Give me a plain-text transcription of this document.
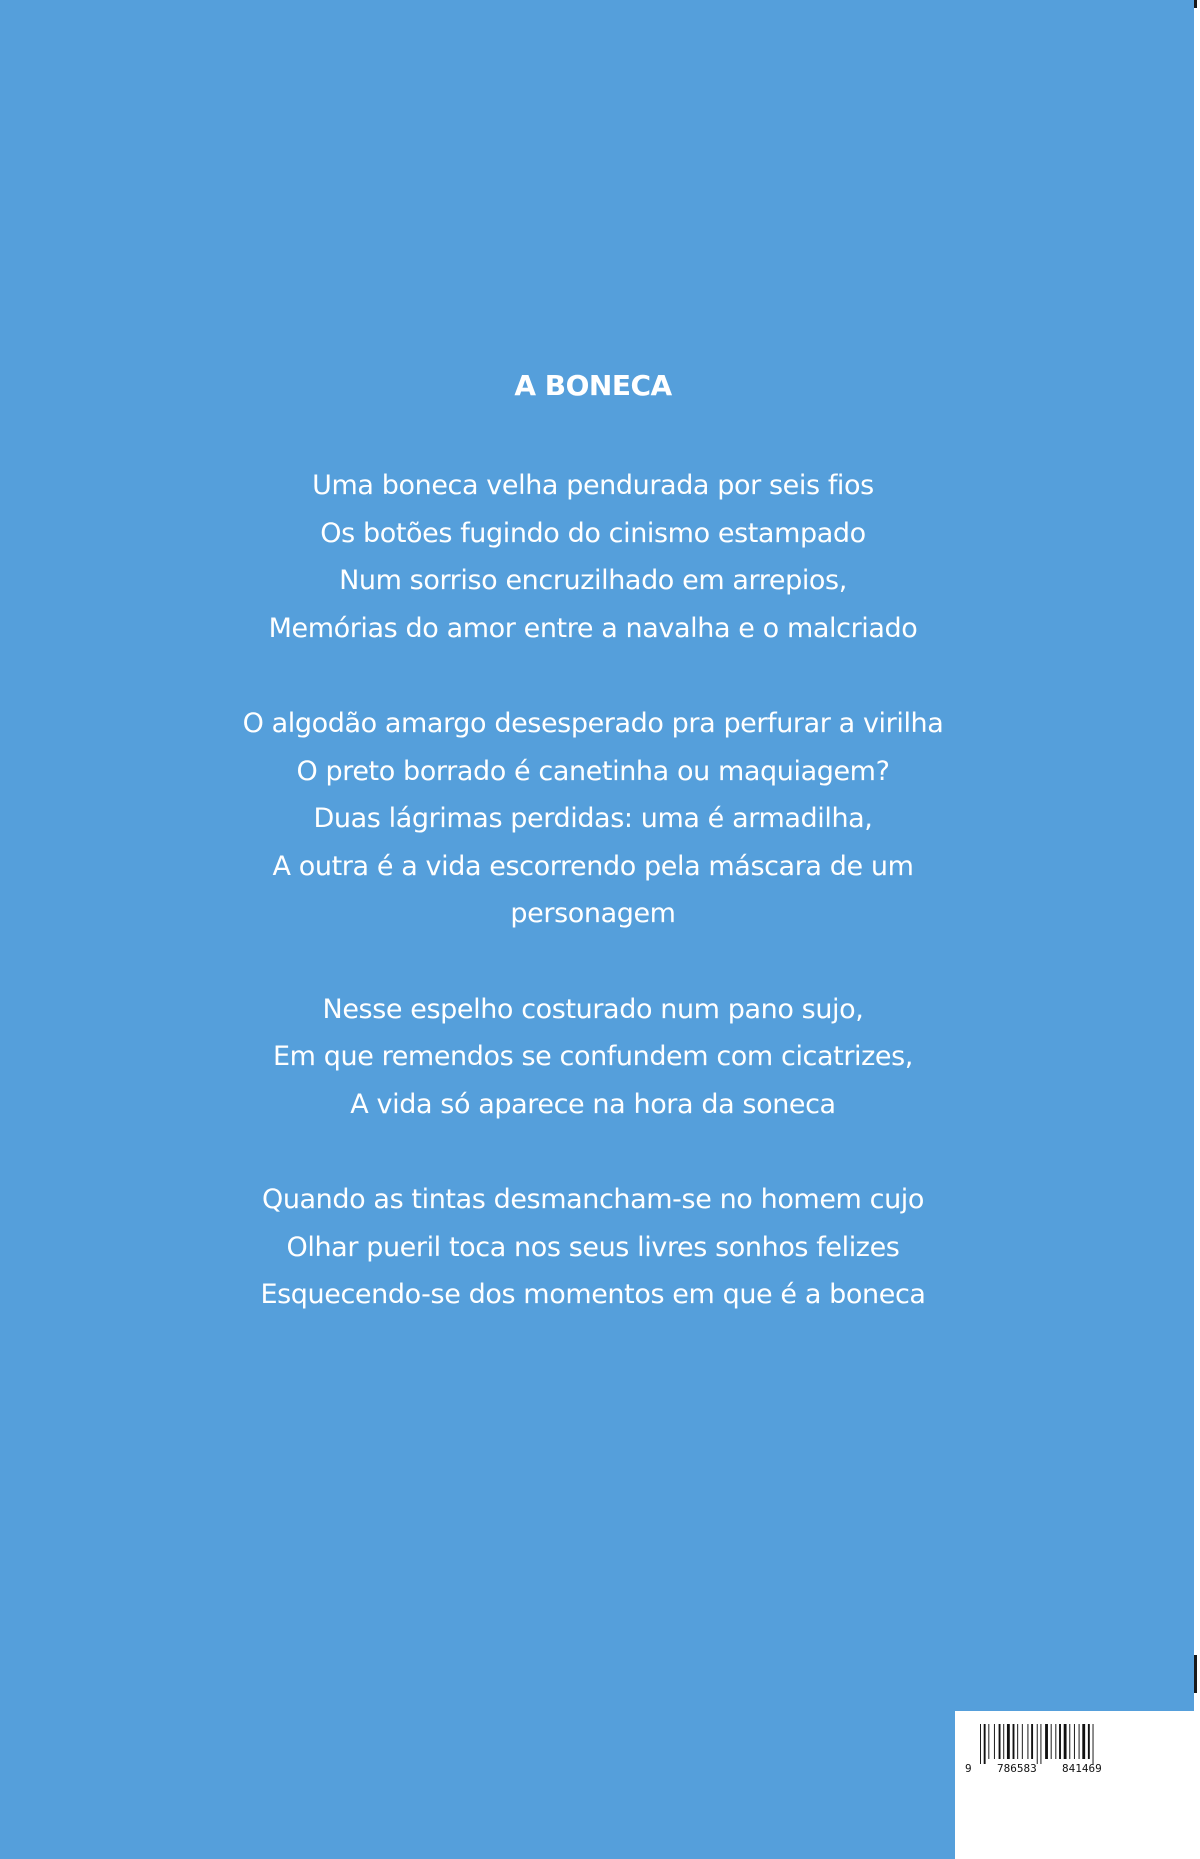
A BONECA
Uma boneca velha pendurada por seis fios
Os botões fugindo do cinismo estampado
Num sorriso encruzilhado em arrepios,
Memórias do amor entre a navalha e o malcriado
O algodão amargo desesperado pra perfurar a virilha
O preto borrado é canetinha ou maquiagem?
Duas lágrimas perdidas: uma é armadilha,
A outra é a vida escorrendo pela máscara de um
personagem
Nesse espelho costurado num pano sujo,
Em que remendos se confundem com cicatrizes,
A vida só aparece na hora da soneca
Quando as tintas desmancham-se no homem cujo
Olhar pueril toca nos seus livres sonhos felizes
Esquecendo-se dos momentos em que é a boneca
9 786583 841469
